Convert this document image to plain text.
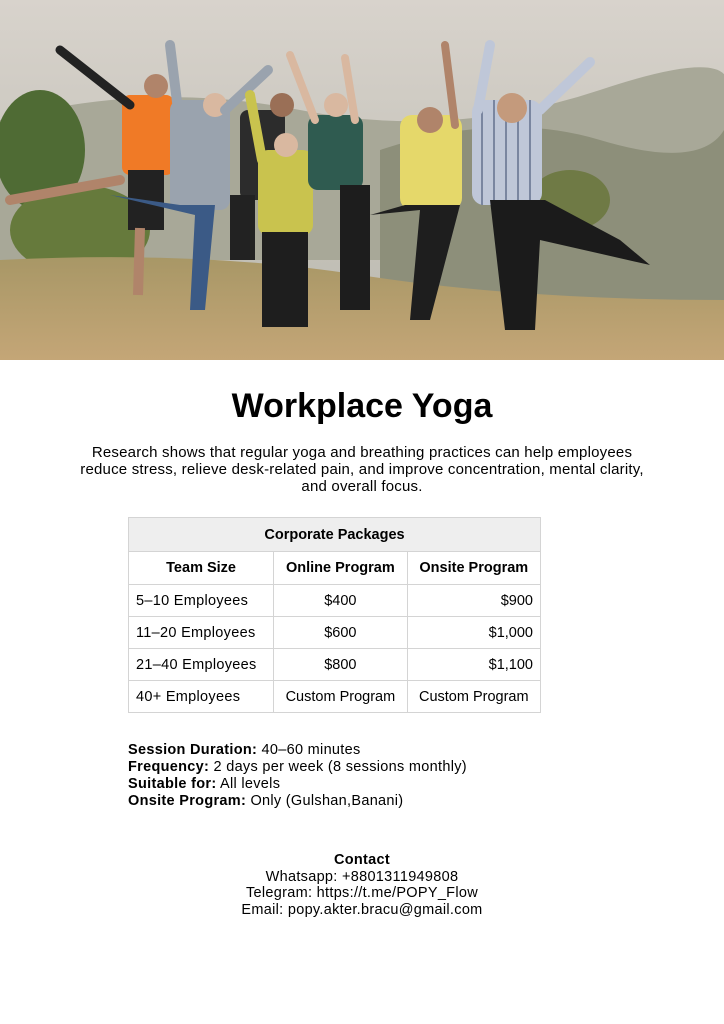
Workplace Yoga
Research shows that regular yoga and breathing practices can help employees reduce stress, relieve desk-related pain, and improve concentration, mental clarity, and overall focus.
Corporate Packages		
Team Size	Online Program	Onsite Program
5–10 Employees	$400	$900
11–20 Employees	$600	$1,000
21–40 Employees	$800	$1,100
40+ Employees	Custom Program	Custom Program
Session Duration: 40–60 minutes
Frequency: 2 days per week (8 sessions monthly)
Suitable for: All levels
Onsite Program: Only (Gulshan,Banani)
Contact
Whatsapp: +8801311949808
Telegram: https://t.me/POPY_Flow
Email: popy.akter.bracu@gmail.com
